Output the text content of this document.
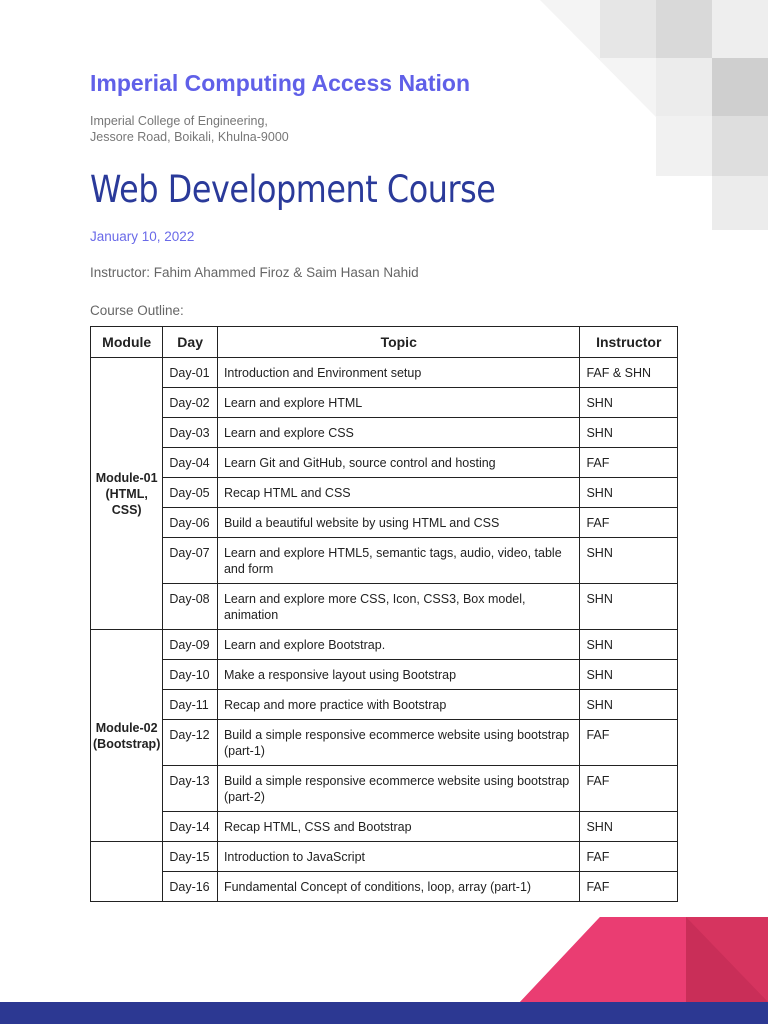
Imperial Computing Access Nation
Imperial College of Engineering,
Jessore Road, Boikali, Khulna-9000
Web Development Course
January 10, 2022
Instructor: Fahim Ahammed Firoz & Saim Hasan Nahid
Course Outline:
Module	Day	Topic	Instructor
Module-01 (HTML, CSS)	Day-01	Introduction and Environment setup	FAF & SHN
	Day-02	Learn and explore HTML	SHN
	Day-03	Learn and explore CSS	SHN
	Day-04	Learn Git and GitHub, source control and hosting	FAF
	Day-05	Recap HTML and CSS	SHN
	Day-06	Build a beautiful website by using HTML and CSS	FAF
	Day-07	Learn and explore HTML5, semantic tags, audio, video, table and form	SHN
	Day-08	Learn and explore more CSS, Icon, CSS3, Box model, animation	SHN
Module-02 (Bootstrap)	Day-09	Learn and explore Bootstrap.	SHN
	Day-10	Make a responsive layout using Bootstrap	SHN
	Day-11	Recap and more practice with Bootstrap	SHN
	Day-12	Build a simple responsive ecommerce website using bootstrap (part-1)	FAF
	Day-13	Build a simple responsive ecommerce website using bootstrap (part-2)	FAF
	Day-14	Recap HTML, CSS and Bootstrap	SHN
	Day-15	Introduction to JavaScript	FAF
	Day-16	Fundamental Concept of conditions, loop, array (part-1)	FAF
